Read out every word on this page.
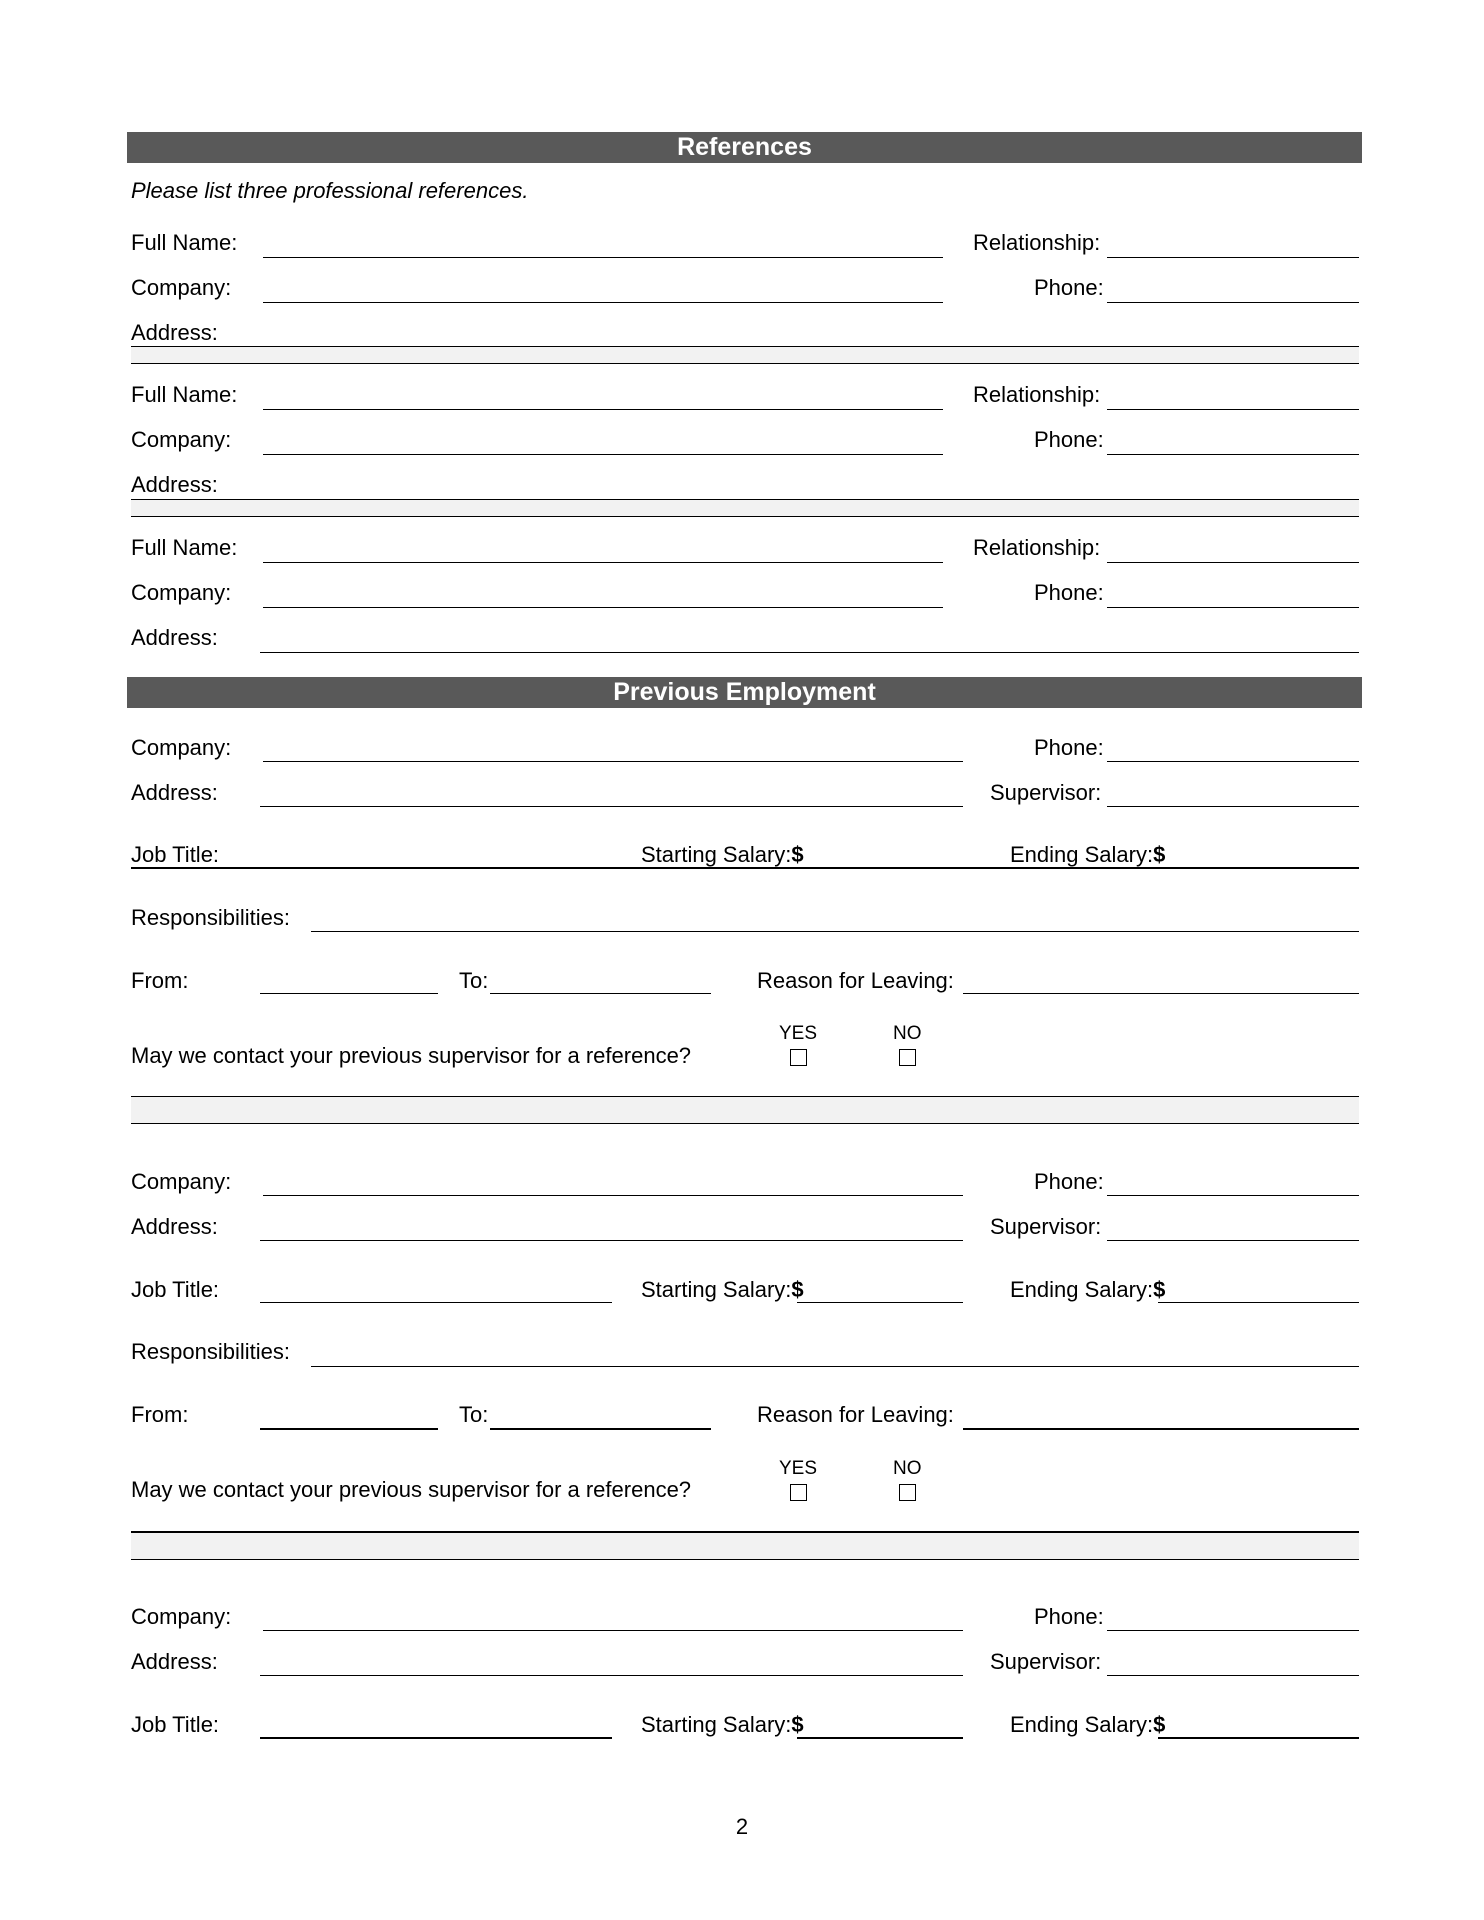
References
Please list three professional references.
Full Name:	Relationship:
Company:	Phone:
Address:
Full Name:	Relationship:
Company:	Phone:
Address:
Full Name:	Relationship:
Company:	Phone:
Address:
Previous Employment
Company:	Phone:
Address:	Supervisor:
Job Title:	Starting Salary:$	Ending Salary:$
Responsibilities:
From:	To:	Reason for Leaving:
YES	NO
May we contact your previous supervisor for a reference?
Company:	Phone:
Address:	Supervisor:
Job Title:	Starting Salary:$	Ending Salary:$
Responsibilities:
From:	To:	Reason for Leaving:
YES	NO
May we contact your previous supervisor for a reference?
Company:	Phone:
Address:	Supervisor:
Job Title:	Starting Salary:$	Ending Salary:$
2
